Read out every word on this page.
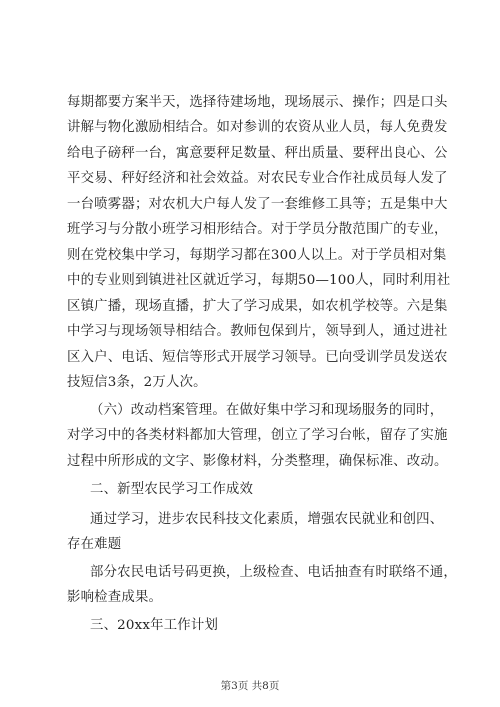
每期都要方案半天，选择待建场地，现场展示、操作；四是口头
讲解与物化激励相结合。如对参训的农资从业人员，每人免费发
给电子磅秤一台，寓意要秤足数量、秤出质量、要秤出良心、公
平交易、秤好经济和社会效益。对农民专业合作社成员每人发了
一台喷雾器；对农机大户每人发了一套维修工具等；五是集中大
班学习与分散小班学习相形结合。对于学员分散范围广的专业，
则在党校集中学习，每期学习都在300人以上。对于学员相对集
中的专业则到镇进社区就近学习，每期50—100人，同时利用社
区镇广播，现场直播，扩大了学习成果，如农机学校等。六是集
中学习与现场领导相结合。教师包保到片，领导到人，通过进社
区入户、电话、短信等形式开展学习领导。已向受训学员发送农
技短信3条，2万人次。
（六）改动档案管理。在做好集中学习和现场服务的同时，
对学习中的各类材料都加大管理，创立了学习台帐，留存了实施
过程中所形成的文字、影像材料，分类整理，确保标准、改动。
二、新型农民学习工作成效
通过学习，进步农民科技文化素质，增强农民就业和创四、
存在难题
部分农民电话号码更换，上级检查、电话抽查有时联络不通，
影响检查成果。
三、20xx年工作计划
第3页 共8页
